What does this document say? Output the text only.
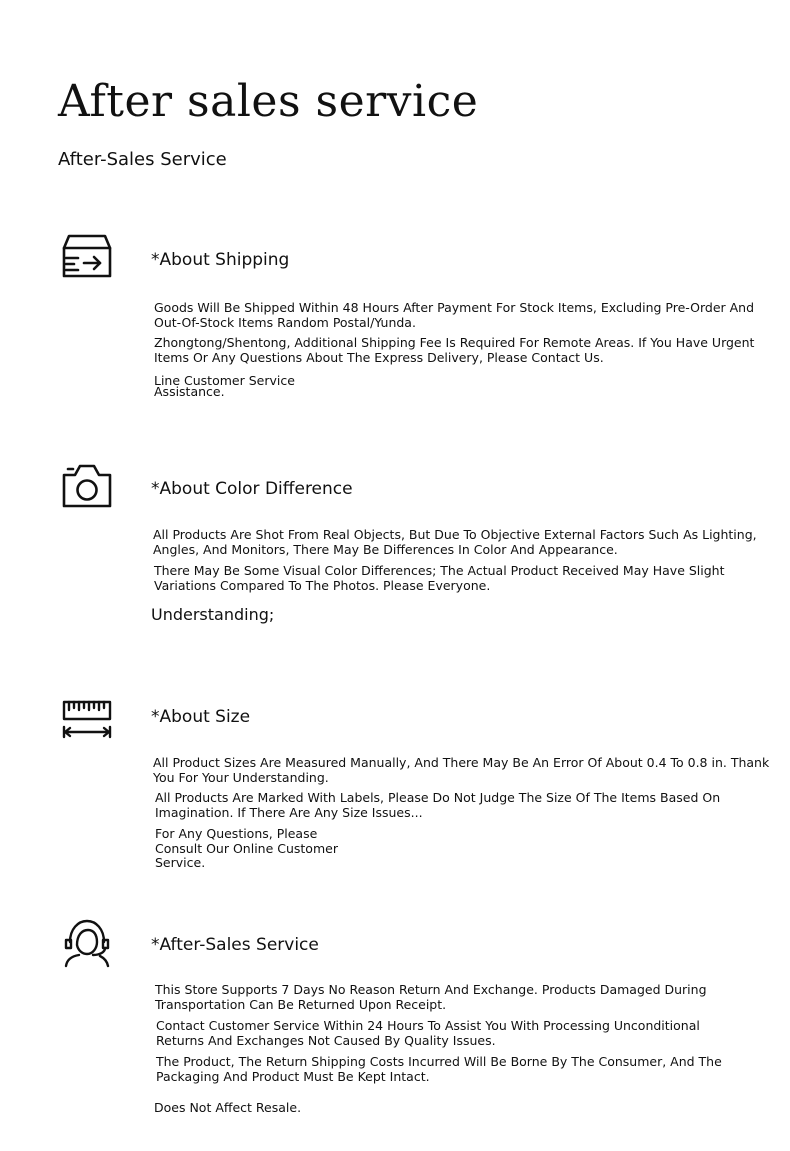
After sales service
After-Sales Service
*About Shipping

Goods Will Be Shipped Within 48 Hours After Payment For Stock Items, Excluding Pre-Order And Out-Of-Stock Items Random Postal/Yunda.

Zhongtong/Shentong, Additional Shipping Fee Is Required For Remote Areas. If You Have Urgent Items Or Any Questions About The Express Delivery, Please Contact Us.

Line Customer Service Assistance.

*About Color Difference

All Products Are Shot From Real Objects, But Due To Objective External Factors Such As Lighting, Angles, And Monitors, There May Be Differences In Color And Appearance.

There May Be Some Visual Color Differences; The Actual Product Received May Have Slight Variations Compared To The Photos. Please Everyone.

Understanding;
*About Size

All Product Sizes Are Measured Manually, And There May Be An Error Of About 0.4 To 0.8 in. Thank You For Your Understanding.

All Products Are Marked With Labels, Please Do Not Judge The Size Of The Items Based On Imagination. If There Are Any Size Issues...

For Any Questions, Please Consult Our Online Customer Service.

*After-Sales Service

This Store Supports 7 Days No Reason Return And Exchange. Products Damaged During Transportation Can Be Returned Upon Receipt.

Contact Customer Service Within 24 Hours To Assist You With Processing Unconditional Returns And Exchanges Not Caused By Quality Issues.

The Product, The Return Shipping Costs Incurred Will Be Borne By The Consumer, And The Packaging And Product Must Be Kept Intact.

Does Not Affect Resale.
